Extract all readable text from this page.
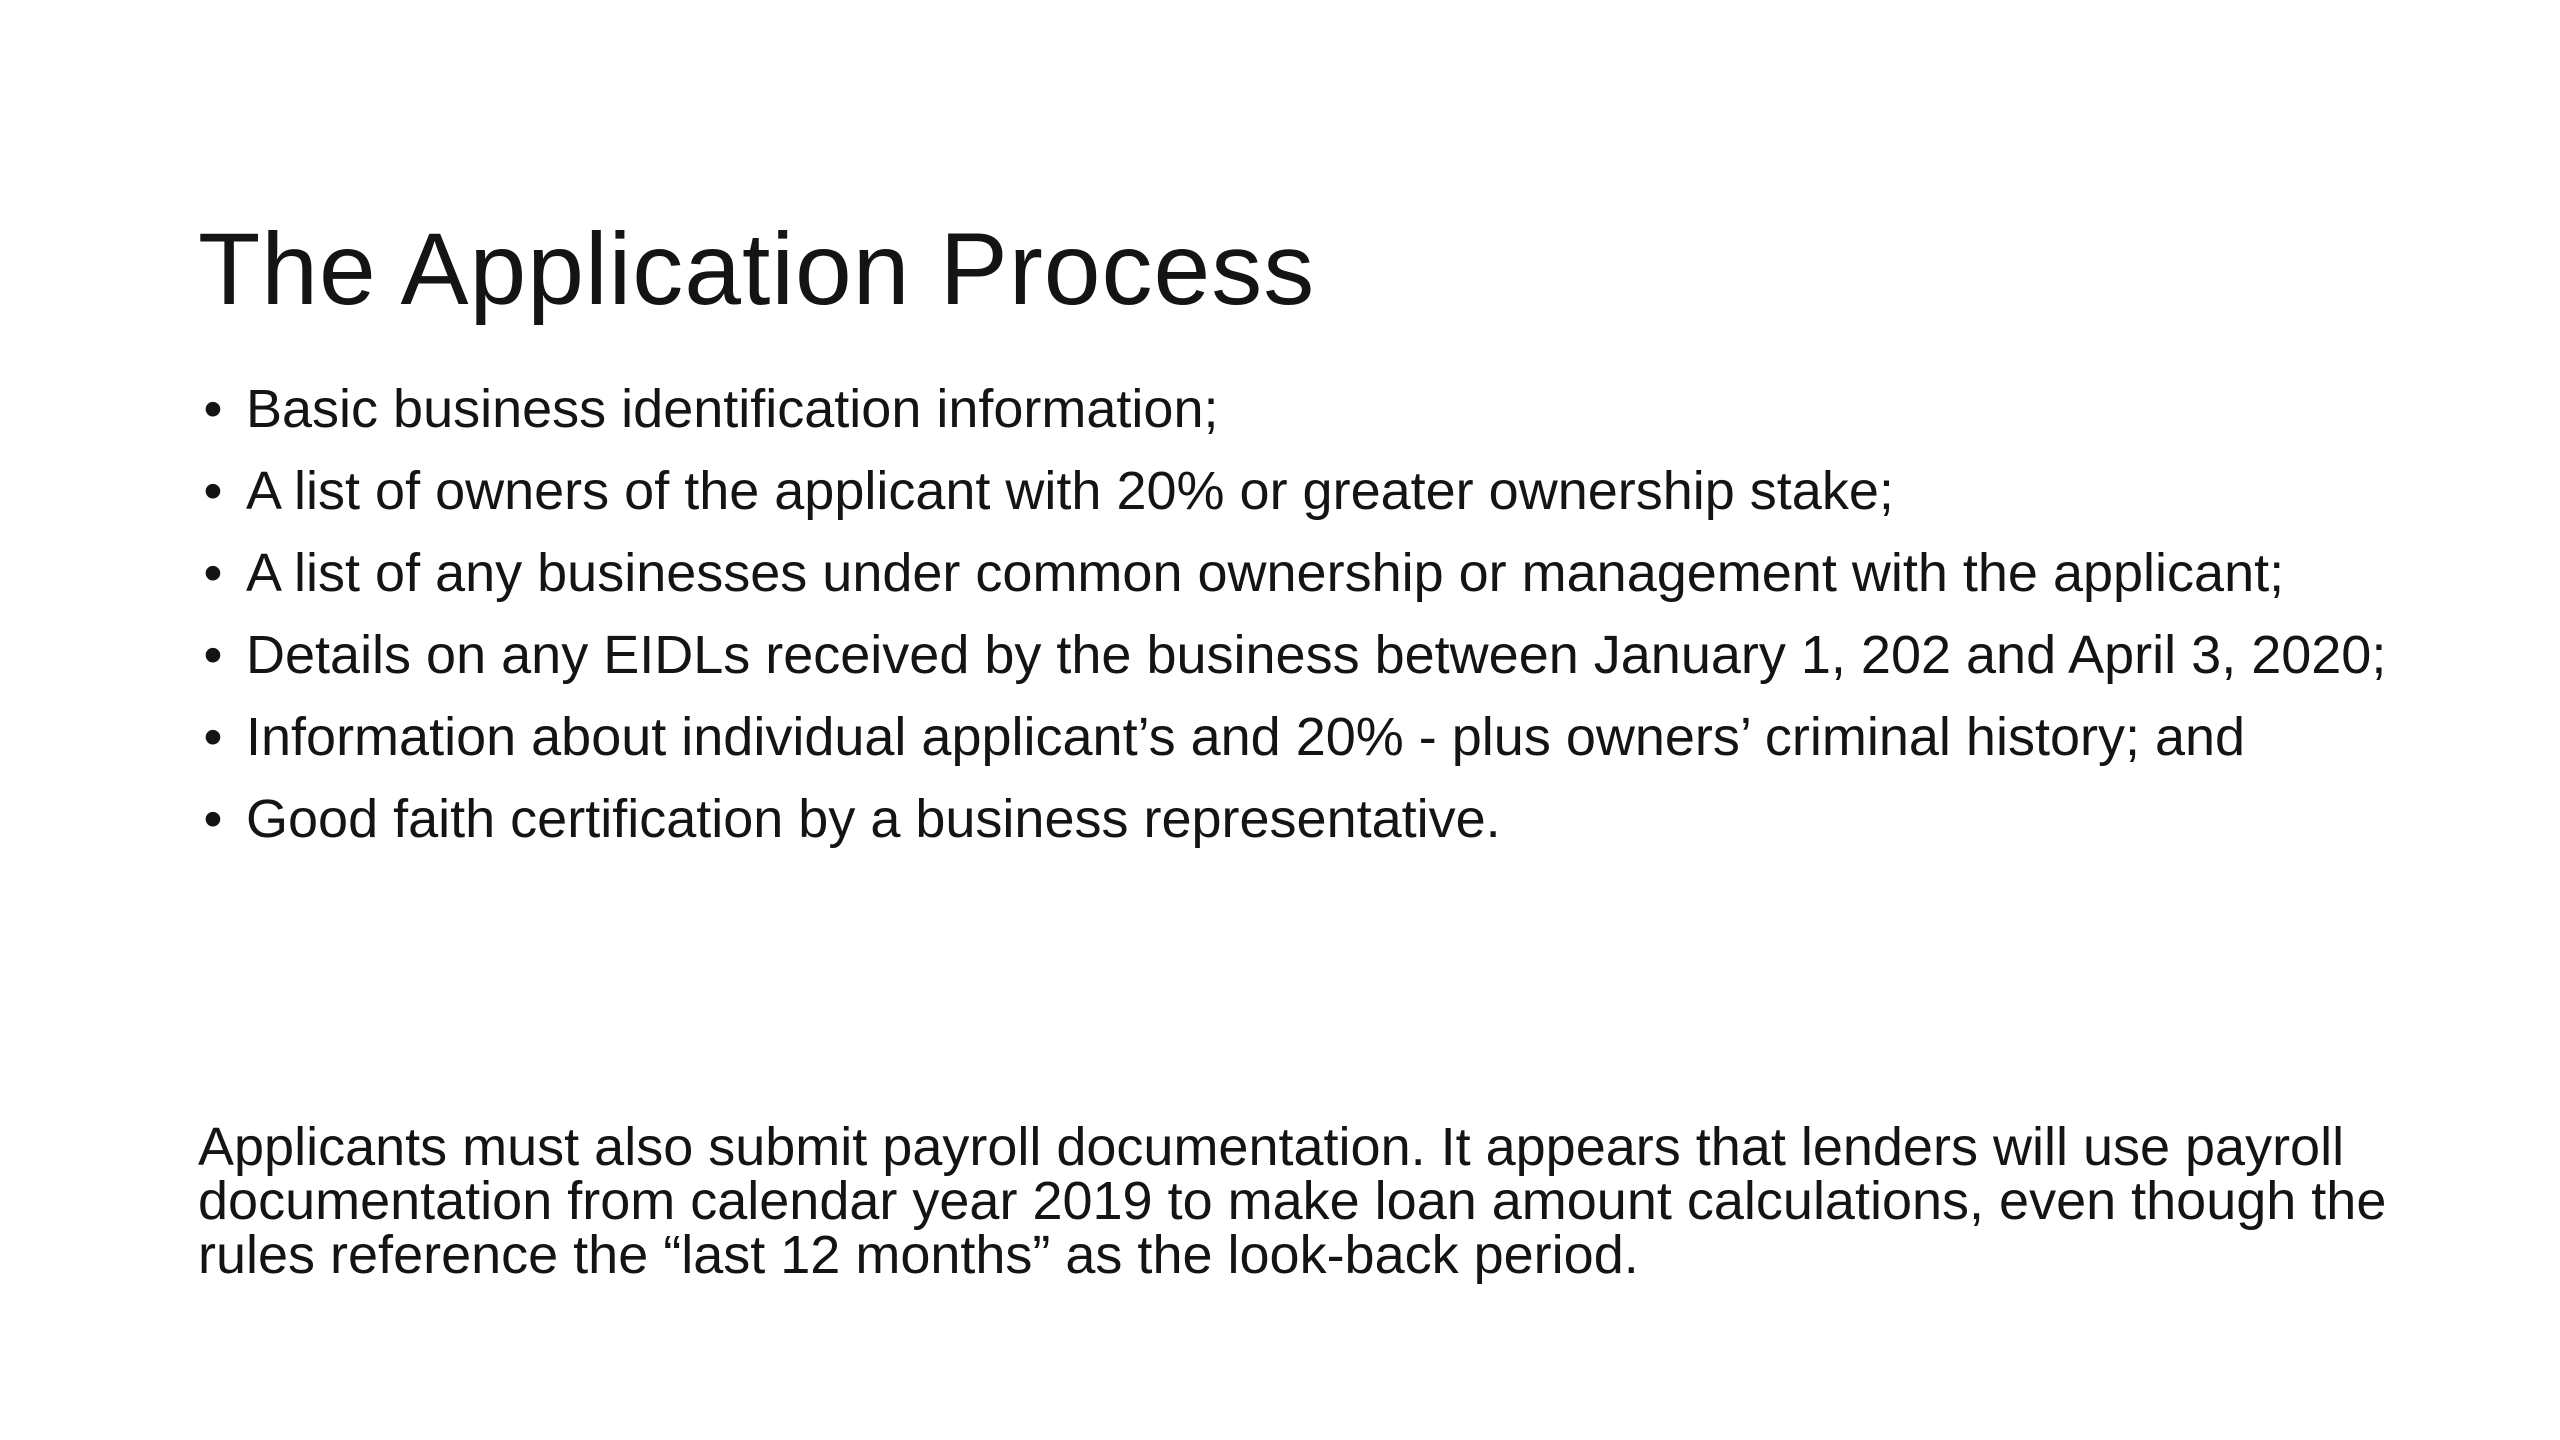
The Application Process
• Basic business identification information;
• A list of owners of the applicant with 20% or greater ownership stake;
• A list of any businesses under common ownership or management with the applicant;
• Details on any EIDLs received by the business between January 1, 202 and April 3, 2020;
• Information about individual applicant’s and 20% - plus owners’ criminal history; and
• Good faith certification by a business representative.

Applicants must also submit payroll documentation. It appears that lenders will use payroll documentation from calendar year 2019 to make loan amount calculations, even though the rules reference the “last 12 months” as the look-back period.
